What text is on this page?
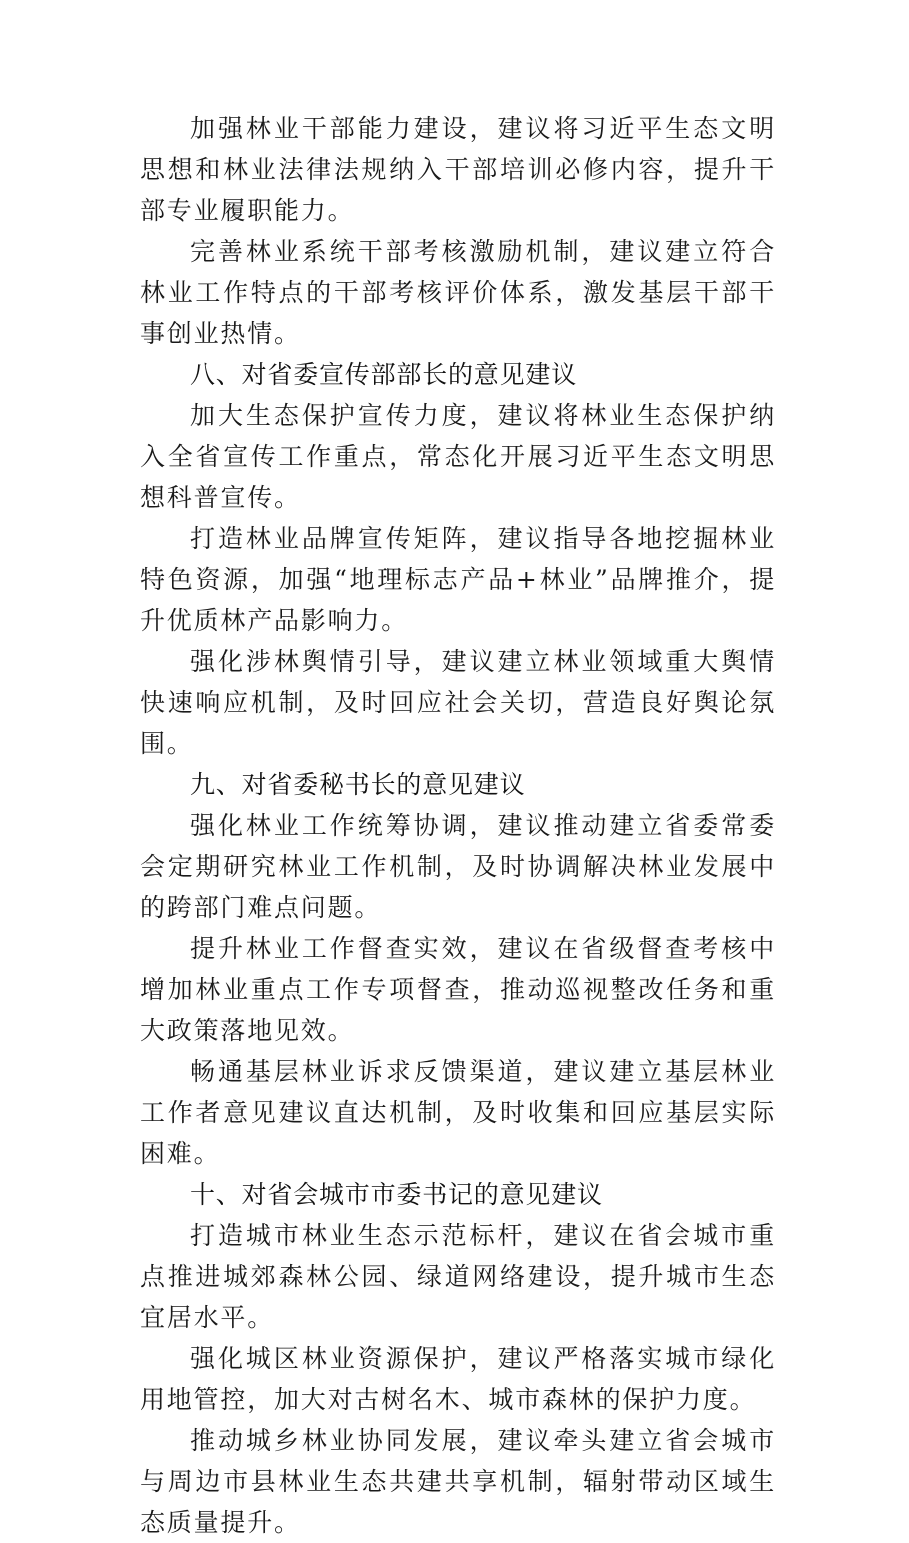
加强林业干部能力建设，建议将习近平生态文明思想和林业法律法规纳入干部培训必修内容，提升干部专业履职能力。

完善林业系统干部考核激励机制，建议建立符合林业工作特点的干部考核评价体系，激发基层干部干事创业热情。

八、对省委宣传部部长的意见建议

加大生态保护宣传力度，建议将林业生态保护纳入全省宣传工作重点，常态化开展习近平生态文明思想科普宣传。

打造林业品牌宣传矩阵，建议指导各地挖掘林业特色资源，加强“地理标志产品+林业”品牌推介，提升优质林产品影响力。

强化涉林舆情引导，建议建立林业领域重大舆情快速响应机制，及时回应社会关切，营造良好舆论氛围。

九、对省委秘书长的意见建议

强化林业工作统筹协调，建议推动建立省委常委会定期研究林业工作机制，及时协调解决林业发展中的跨部门难点问题。

提升林业工作督查实效，建议在省级督查考核中增加林业重点工作专项督查，推动巡视整改任务和重大政策落地见效。

畅通基层林业诉求反馈渠道，建议建立基层林业工作者意见建议直达机制，及时收集和回应基层实际困难。

十、对省会城市市委书记的意见建议

打造城市林业生态示范标杆，建议在省会城市重点推进城郊森林公园、绿道网络建设，提升城市生态宜居水平。

强化城区林业资源保护，建议严格落实城市绿化用地管控，加大对古树名木、城市森林的保护力度。

推动城乡林业协同发展，建议牵头建立省会城市与周边市县林业生态共建共享机制，辐射带动区域生态质量提升。
